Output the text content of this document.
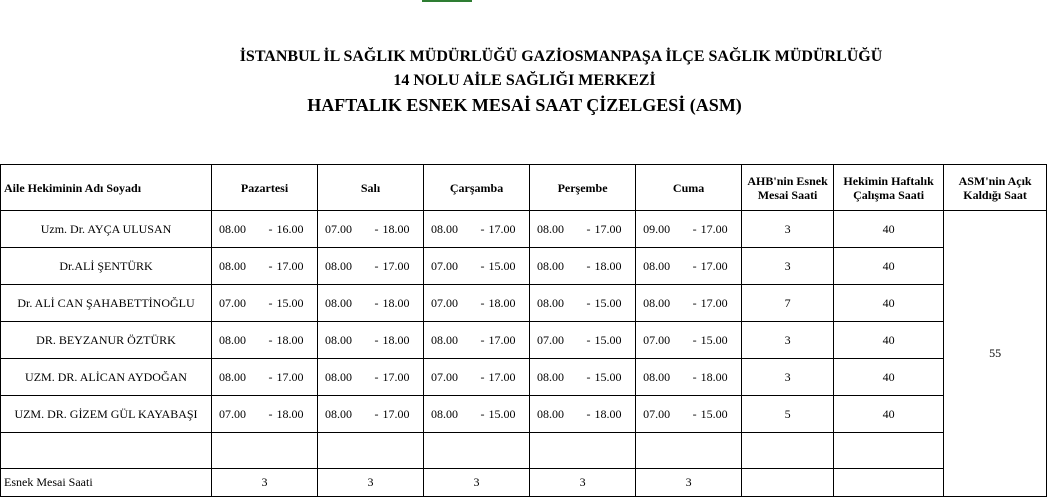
İSTANBUL İL SAĞLIK MÜDÜRLÜĞÜ GAZİOSMANPAŞA İLÇE SAĞLIK MÜDÜRLÜĞÜ
14 NOLU AİLE SAĞLIĞI MERKEZİ
HAFTALIK ESNEK MESAİ SAAT ÇİZELGESİ (ASM)
Aile Hekiminin Adı Soyadı	Pazartesi			Salı			Çarşamba			Perşembe			Cuma			AHB'nin Esnek Mesai Saati	Hekimin Haftalık Çalışma Saati	ASM'nin Açık Kaldığı Saat
Uzm. Dr. AYÇA ULUSAN	08.00	-	16.00	07.00	-	18.00	08.00	-	17.00	08.00	-	17.00	09.00	-	17.00	3	40	55
Dr.ALİ ŞENTÜRK	08.00	-	17.00	08.00	-	17.00	07.00	-	15.00	08.00	-	18.00	08.00	-	17.00	3	40	
Dr. ALİ CAN ŞAHABETTİNOĞLU	07.00	-	15.00	08.00	-	18.00	07.00	-	18.00	08.00	-	15.00	08.00	-	17.00	7	40	
DR. BEYZANUR ÖZTÜRK	08.00	-	18.00	08.00	-	18.00	08.00	-	17.00	07.00	-	15.00	07.00	-	15.00	3	40	
UZM. DR. ALİCAN AYDOĞAN	08.00	-	17.00	08.00	-	17.00	07.00	-	17.00	08.00	-	15.00	08.00	-	18.00	3	40	
UZM. DR. GİZEM GÜL KAYABAŞI	07.00	-	18.00	08.00	-	17.00	08.00	-	15.00	08.00	-	18.00	07.00	-	15.00	5	40	

Esnek Mesai Saati	3			3			3			3			3					
